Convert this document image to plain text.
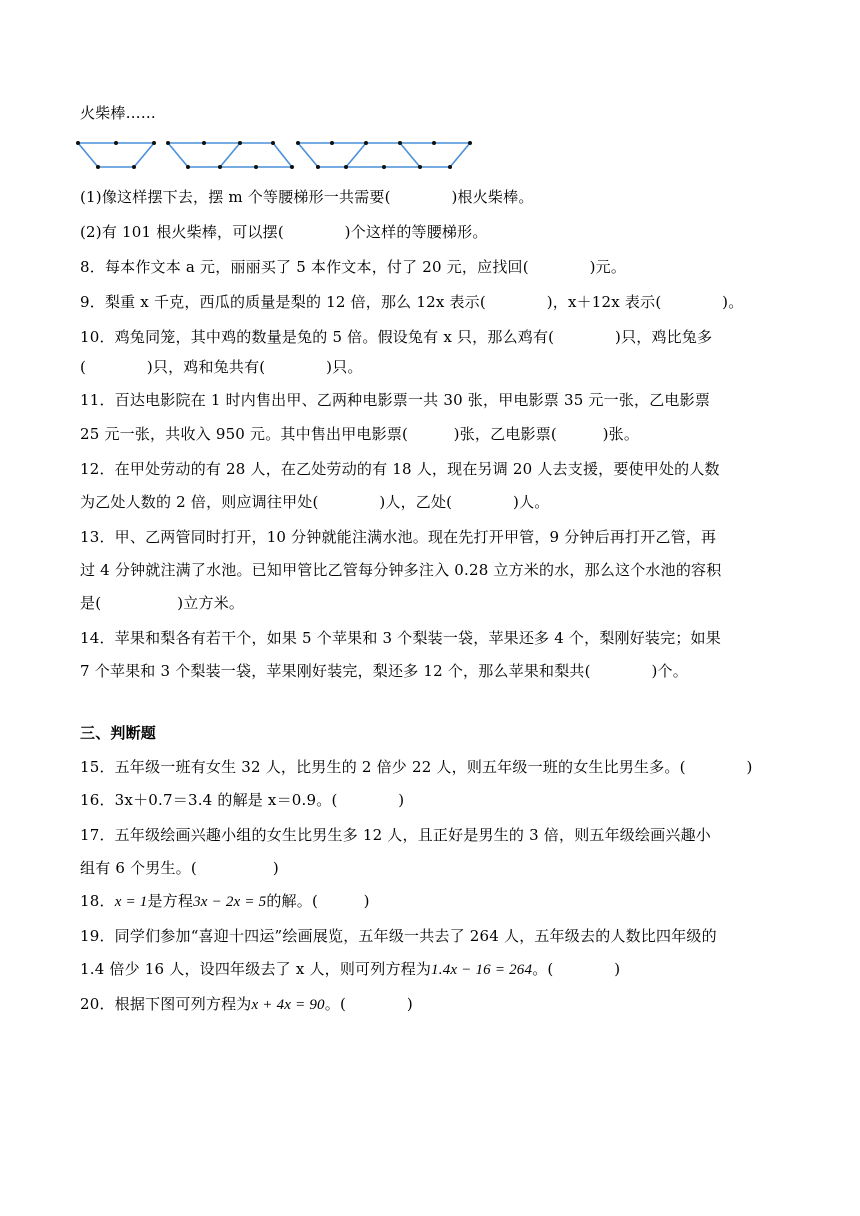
火柴棒……
(1)像这样摆下去，摆 m 个等腰梯形一共需要(　　　　)根火柴棒。
(2)有 101 根火柴棒，可以摆(　　　　)个这样的等腰梯形。
8．每本作文本 a 元，丽丽买了 5 本作文本，付了 20 元，应找回(　　　　)元。
9．梨重 x 千克，西瓜的质量是梨的 12 倍，那么 12x 表示(　　　　)，x＋12x 表示(　　　　)。
10．鸡兔同笼，其中鸡的数量是兔的 5 倍。假设兔有 x 只，那么鸡有(　　　　)只，鸡比兔多
(　　　　)只，鸡和兔共有(　　　　)只。
11．百达电影院在 1 时内售出甲、乙两种电影票一共 30 张，甲电影票 35 元一张，乙电影票
25 元一张，共收入 950 元。其中售出甲电影票(　　　)张，乙电影票(　　　)张。
12．在甲处劳动的有 28 人，在乙处劳动的有 18 人，现在另调 20 人去支援，要使甲处的人数
为乙处人数的 2 倍，则应调往甲处(　　　　)人，乙处(　　　　)人。
13．甲、乙两管同时打开，10 分钟就能注满水池。现在先打开甲管，9 分钟后再打开乙管，再
过 4 分钟就注满了水池。已知甲管比乙管每分钟多注入 0.28 立方米的水，那么这个水池的容积
是(　　　　　)立方米。
14．苹果和梨各有若干个，如果 5 个苹果和 3 个梨装一袋，苹果还多 4 个，梨刚好装完；如果
7 个苹果和 3 个梨装一袋，苹果刚好装完，梨还多 12 个，那么苹果和梨共(　　　　)个。
三、判断题
15．五年级一班有女生 32 人，比男生的 2 倍少 22 人，则五年级一班的女生比男生多。(　　　　)
16．3x＋0.7＝3.4 的解是 x＝0.9。(　　　　)
17．五年级绘画兴趣小组的女生比男生多 12 人，且正好是男生的 3 倍，则五年级绘画兴趣小
组有 6 个男生。(　　　　　)
18．x = 1是方程3x − 2x = 5的解。(　　　)
19．同学们参加“喜迎十四运”绘画展览，五年级一共去了 264 人，五年级去的人数比四年级的
1.4 倍少 16 人，设四年级去了 x 人，则可列方程为1.4x − 16 = 264。(　　　　)
20．根据下图可列方程为x + 4x = 90。(　　　　)
